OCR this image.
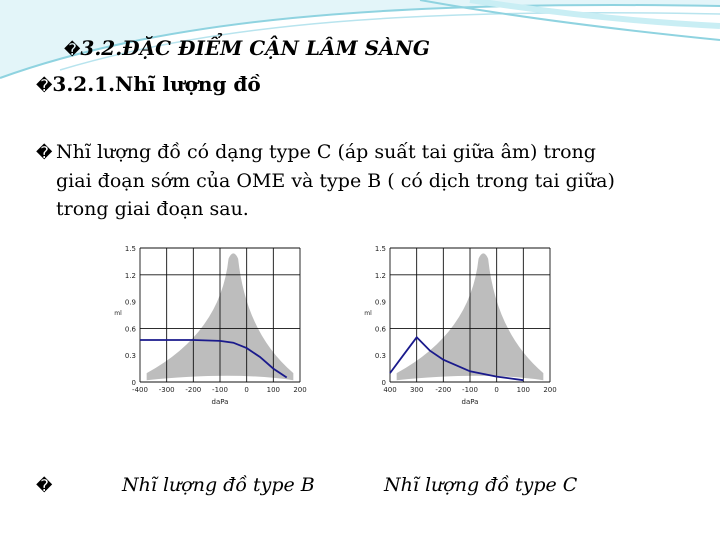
�3.2.ĐẶC ĐIỂM CẬN LÂM SÀNG
�3.2.1.Nhĩ lượng đồ
� Nhĩ lượng đồ có dạng type C (áp suất tai giữa âm) trong
giai đoạn sớm của OME và type B ( có dịch trong tai giữa)
trong giai đoạn sau.
0
0.3
0.6
0.9
1.2
1.5
-400 -300 -200 -100 0	100 200
daPa
ml
0
0.3
0.6
0.9
1.2
1.5
400 300 -200 -100 0	100 200
daPa
ml
�	Nhĩ lượng đồ type B	Nhĩ lượng đồ type C
